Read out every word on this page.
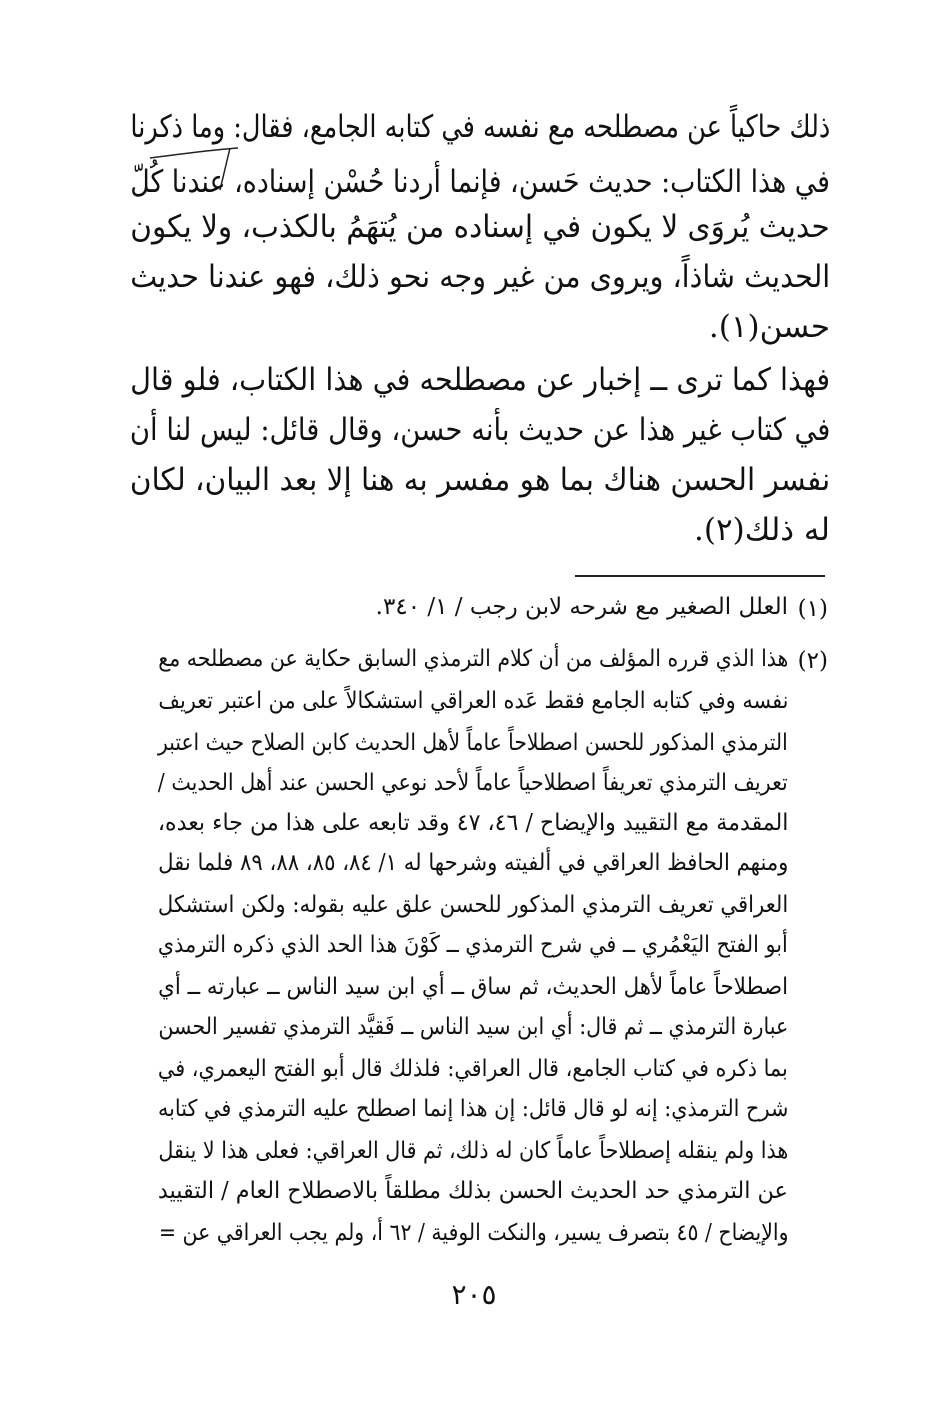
ذلك حاكياً عن مصطلحه مع نفسه في كتابه الجامع، فقال: وما ذكرنا
في هذا الكتاب: حديث حَسن، فإنما أردنا حُسْن إسناده، عندنا كُلّ
حديث يُروَى لا يكون في إسناده من يُتهَمُ بالكذب، ولا يكون
الحديث شاذاً، ويروى من غير وجه نحو ذلك، فهو عندنا حديث
حسن(١).
فهذا كما ترى ــ إخبار عن مصطلحه في هذا الكتاب، فلو قال
في كتاب غير هذا عن حديث بأنه حسن، وقال قائل: ليس لنا أن
نفسر الحسن هناك بما هو مفسر به هنا إلا بعد البيان، لكان
له ذلك(٢).
(١)
العلل الصغير مع شرحه لابن رجب / ١/ ٣٤٠.
(٢)
هذا الذي قرره المؤلف من أن كلام الترمذي السابق حكاية عن مصطلحه مع
نفسه وفي كتابه الجامع فقط عَده العراقي استشكالاً على من اعتبر تعريف
الترمذي المذكور للحسن اصطلاحاً عاماً لأهل الحديث كابن الصلاح حيث اعتبر
تعريف الترمذي تعريفاً اصطلاحياً عاماً لأحد نوعي الحسن عند أهل الحديث /
المقدمة مع التقييد والإيضاح / ٤٦، ٤٧ وقد تابعه على هذا من جاء بعده،
ومنهم الحافظ العراقي في ألفيته وشرحها له ١/ ٨٤، ٨٥، ٨٨، ٨٩ فلما نقل
العراقي تعريف الترمذي المذكور للحسن علق عليه بقوله: ولكن استشكل
أبو الفتح اليَعْمُري ــ في شرح الترمذي ــ كَوْنَ هذا الحد الذي ذكره الترمذي
اصطلاحاً عاماً لأهل الحديث، ثم ساق ــ أي ابن سيد الناس ــ عبارته ــ أي
عبارة الترمذي ــ ثم قال: أي ابن سيد الناس ــ فَقيَّد الترمذي تفسير الحسن
بما ذكره في كتاب الجامع، قال العراقي: فلذلك قال أبو الفتح اليعمري، في
شرح الترمذي: إنه لو قال قائل: إن هذا إنما اصطلح عليه الترمذي في كتابه
هذا ولم ينقله إصطلاحاً عاماً كان له ذلك، ثم قال العراقي: فعلى هذا لا ينقل
عن الترمذي حد الحديث الحسن بذلك مطلقاً بالاصطلاح العام / التقييد
والإيضاح / ٤٥ بتصرف يسير، والنكت الوفية / ٦٢ أ، ولم يجب العراقي عن =
٢٠٥
